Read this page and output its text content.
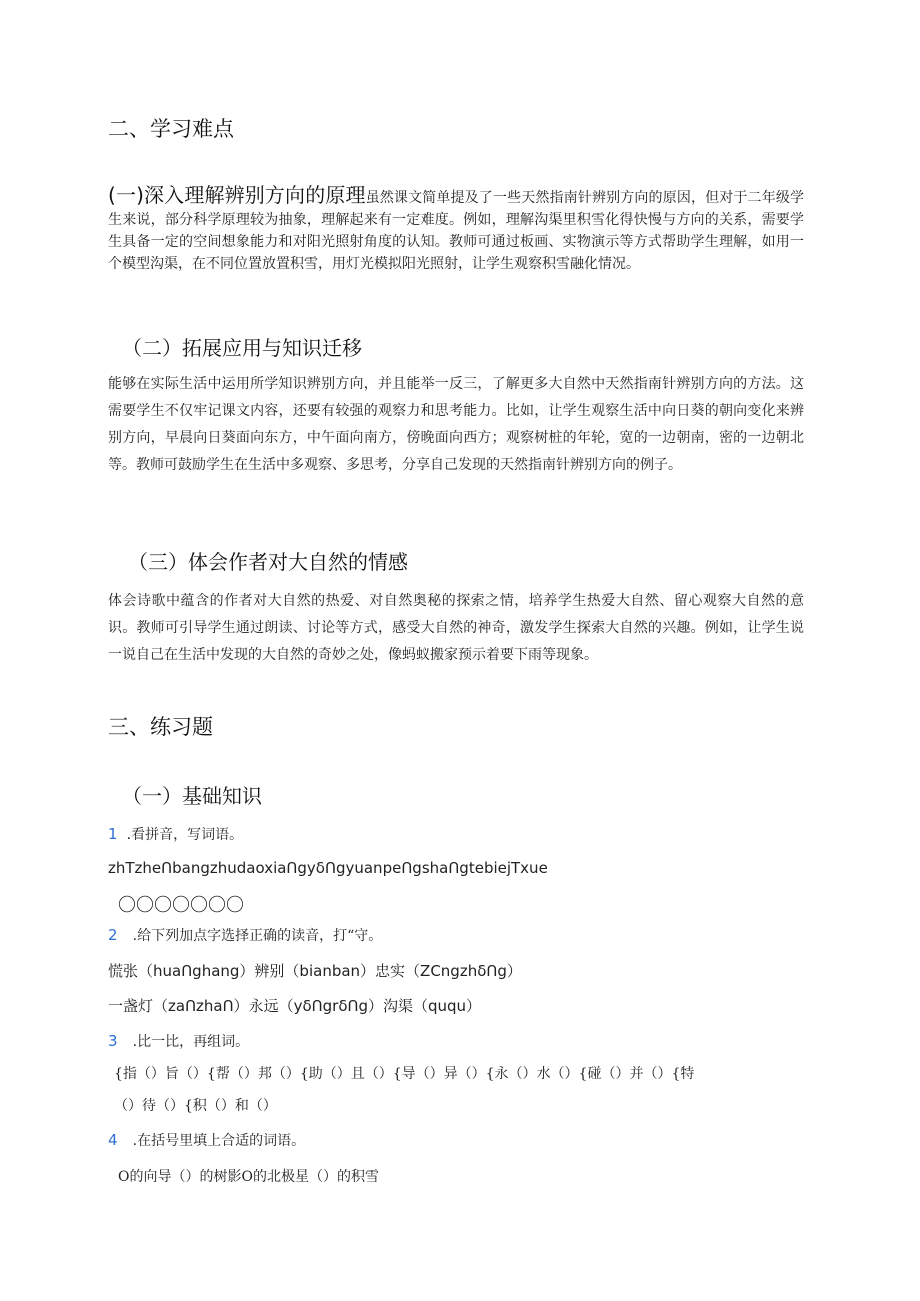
二、学习难点
(一)深入理解辨别方向的原理虽然课文简单提及了一些天然指南针辨别方向的原因，但对于二年级学生来说，部分科学原理较为抽象，理解起来有一定难度。例如，理解沟渠里积雪化得快慢与方向的关系，需要学生具备一定的空间想象能力和对阳光照射角度的认知。教师可通过板画、实物演示等方式帮助学生理解，如用一个模型沟渠，在不同位置放置积雪，用灯光模拟阳光照射，让学生观察积雪融化情况。
（二）拓展应用与知识迁移
能够在实际生活中运用所学知识辨别方向，并且能举一反三，了解更多大自然中天然指南针辨别方向的方法。这需要学生不仅牢记课文内容，还要有较强的观察力和思考能力。比如，让学生观察生活中向日葵的朝向变化来辨别方向，早晨向日葵面向东方，中午面向南方，傍晚面向西方；观察树桩的年轮，宽的一边朝南，密的一边朝北等。教师可鼓励学生在生活中多观察、多思考，分享自己发现的天然指南针辨别方向的例子。
（三）体会作者对大自然的情感
体会诗歌中蕴含的作者对大自然的热爱、对自然奥秘的探索之情，培养学生热爱大自然、留心观察大自然的意识。教师可引导学生通过朗读、讨论等方式，感受大自然的神奇，激发学生探索大自然的兴趣。例如，让学生说一说自己在生活中发现的大自然的奇妙之处，像蚂蚁搬家预示着要下雨等现象。
三、练习题
（一）基础知识
1 .看拼音，写词语。
zhTzheՈbangzhudaoxiaՈgyδՈgyuanpeՈgshaՈgtebiejTxue
〇〇〇〇〇〇〇
2 .给下列加点字选择正确的读音，打“守。
慌张（huaՈghang）辨别（bianban）忠实（ZCngzhδՈg）
一盏灯（zaՈzhaՈ）永远（yδՈgrδՈg）沟渠（ququ）
3 .比一比，再组词。
{指（）旨（）{帮（）邦（）{助（）且（）{导（）异（）{永（）水（）{碰（）并（）{特
（）待（）{积（）和（）
4 .在括号里填上合适的词语。
O的向导（）的树影O的北极星（）的积雪
